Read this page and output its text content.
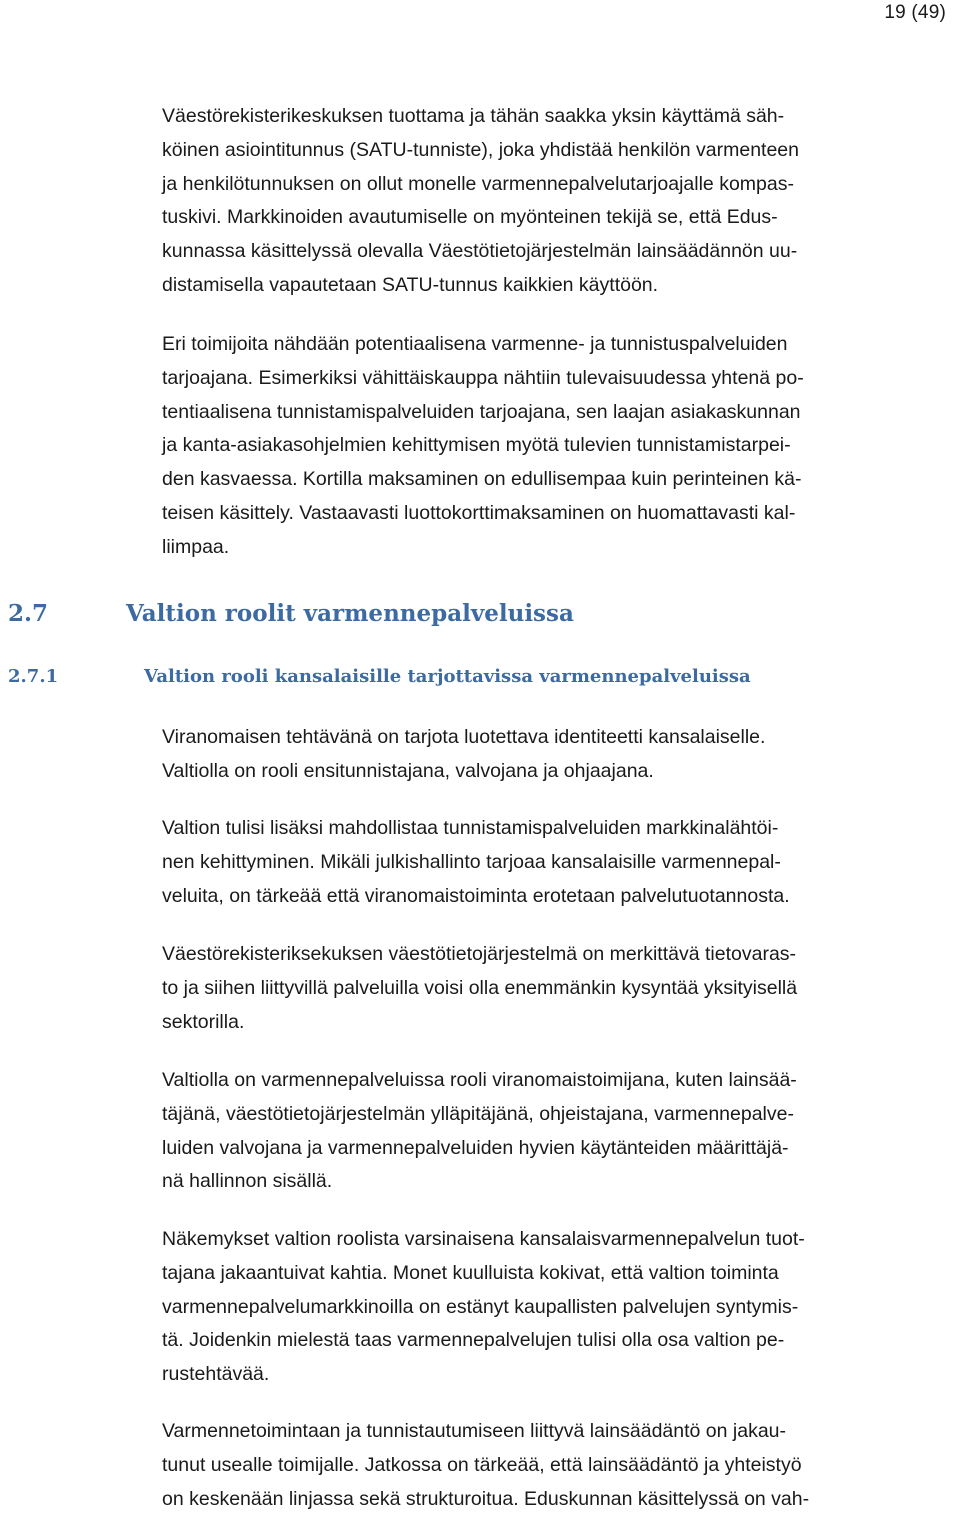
19 (49)

Väestörekisterikeskuksen tuottama ja tähän saakka yksin käyttämä säh-
köinen asiointitunnus (SATU-tunniste), joka yhdistää henkilön varmenteen
ja henkilötunnuksen on ollut monelle varmennepalvelutarjoajalle kompas-
tuskivi. Markkinoiden avautumiselle on myönteinen tekijä se, että Edus-
kunnassa käsittelyssä olevalla Väestötietojärjestelmän lainsäädännön uu-
distamisella vapautetaan SATU-tunnus kaikkien käyttöön.

Eri toimijoita nähdään potentiaalisena varmenne- ja tunnistuspalveluiden
tarjoajana. Esimerkiksi vähittäiskauppa nähtiin tulevaisuudessa yhtenä po-
tentiaalisena tunnistamispalveluiden tarjoajana, sen laajan asiakaskunnan
ja kanta-asiakasohjelmien kehittymisen myötä tulevien tunnistamistarpei-
den kasvaessa. Kortilla maksaminen on edullisempaa kuin perinteinen kä-
teisen käsittely. Vastaavasti luottokorttimaksaminen on huomattavasti kal-
liimpaa.

2.7	Valtion roolit varmennepalveluissa
2.7.1	Valtion rooli kansalaisille tarjottavissa varmennepalveluissa

Viranomaisen tehtävänä on tarjota luotettava identiteetti kansalaiselle.
Valtiolla on rooli ensitunnistajana, valvojana ja ohjaajana.

Valtion tulisi lisäksi mahdollistaa tunnistamispalveluiden markkinalähtöi-
nen kehittyminen. Mikäli julkishallinto tarjoaa kansalaisille varmennepal-
veluita, on tärkeää että viranomaistoiminta erotetaan palvelutuotannosta.

Väestörekisteriksekuksen väestötietojärjestelmä on merkittävä tietovaras-
to ja siihen liittyvillä palveluilla voisi olla enemmänkin kysyntää yksityisellä
sektorilla.

Valtiolla on varmennepalveluissa rooli viranomaistoimijana, kuten lainsää-
täjänä, väestötietojärjestelmän ylläpitäjänä, ohjeistajana, varmennepalve-
luiden valvojana ja varmennepalveluiden hyvien käytänteiden määrittäjä-
nä hallinnon sisällä.

Näkemykset valtion roolista varsinaisena kansalaisvarmennepalvelun tuot-
tajana jakaantuivat kahtia. Monet kuulluista kokivat, että valtion toiminta
varmennepalvelumarkkinoilla on estänyt kaupallisten palvelujen syntymis-
tä. Joidenkin mielestä taas varmennepalvelujen tulisi olla osa valtion pe-
rustehtävää.

Varmennetoimintaan ja tunnistautumiseen liittyvä lainsäädäntö on jakau-
tunut usealle toimijalle. Jatkossa on tärkeää, että lainsäädäntö ja yhteistyö
on keskenään linjassa sekä strukturoitua. Eduskunnan käsittelyssä on vah-
